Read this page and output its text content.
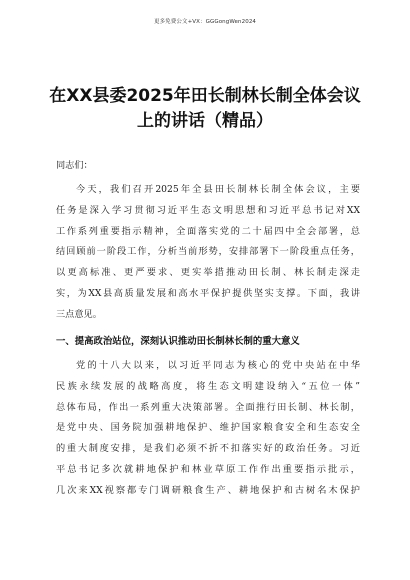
更多免费公文+VX：GGGongWen2024
在XX县委2025年田长制林长制全体会议
上的讲话（精品）
同志们：
今天，我们召开2025年全县田长制林长制全体会议，主要
任务是深入学习贯彻习近平生态文明思想和习近平总书记对XX
工作系列重要指示精神，全面落实党的二十届四中全会部署，总
结回顾前一阶段工作，分析当前形势，安排部署下一阶段重点任务，
以更高标准、更严要求、更实举措推动田长制、林长制走深走
实，为XX县高质量发展和高水平保护提供坚实支撑。下面，我讲
三点意见。
一、提高政治站位，深刻认识推动田长制林长制的重大意义
党的十八大以来，以习近平同志为核心的党中央站在中华
民族永续发展的战略高度，将生态文明建设纳入“五位一体”
总体布局，作出一系列重大决策部署。全面推行田长制、林长制，
是党中央、国务院加强耕地保护、维护国家粮食安全和生态安全
的重大制度安排，是我们必须不折不扣落实好的政治任务。习近
平总书记多次就耕地保护和林业草原工作作出重要指示批示，
几次来XX视察都专门调研粮食生产、耕地保护和古树名木保护
